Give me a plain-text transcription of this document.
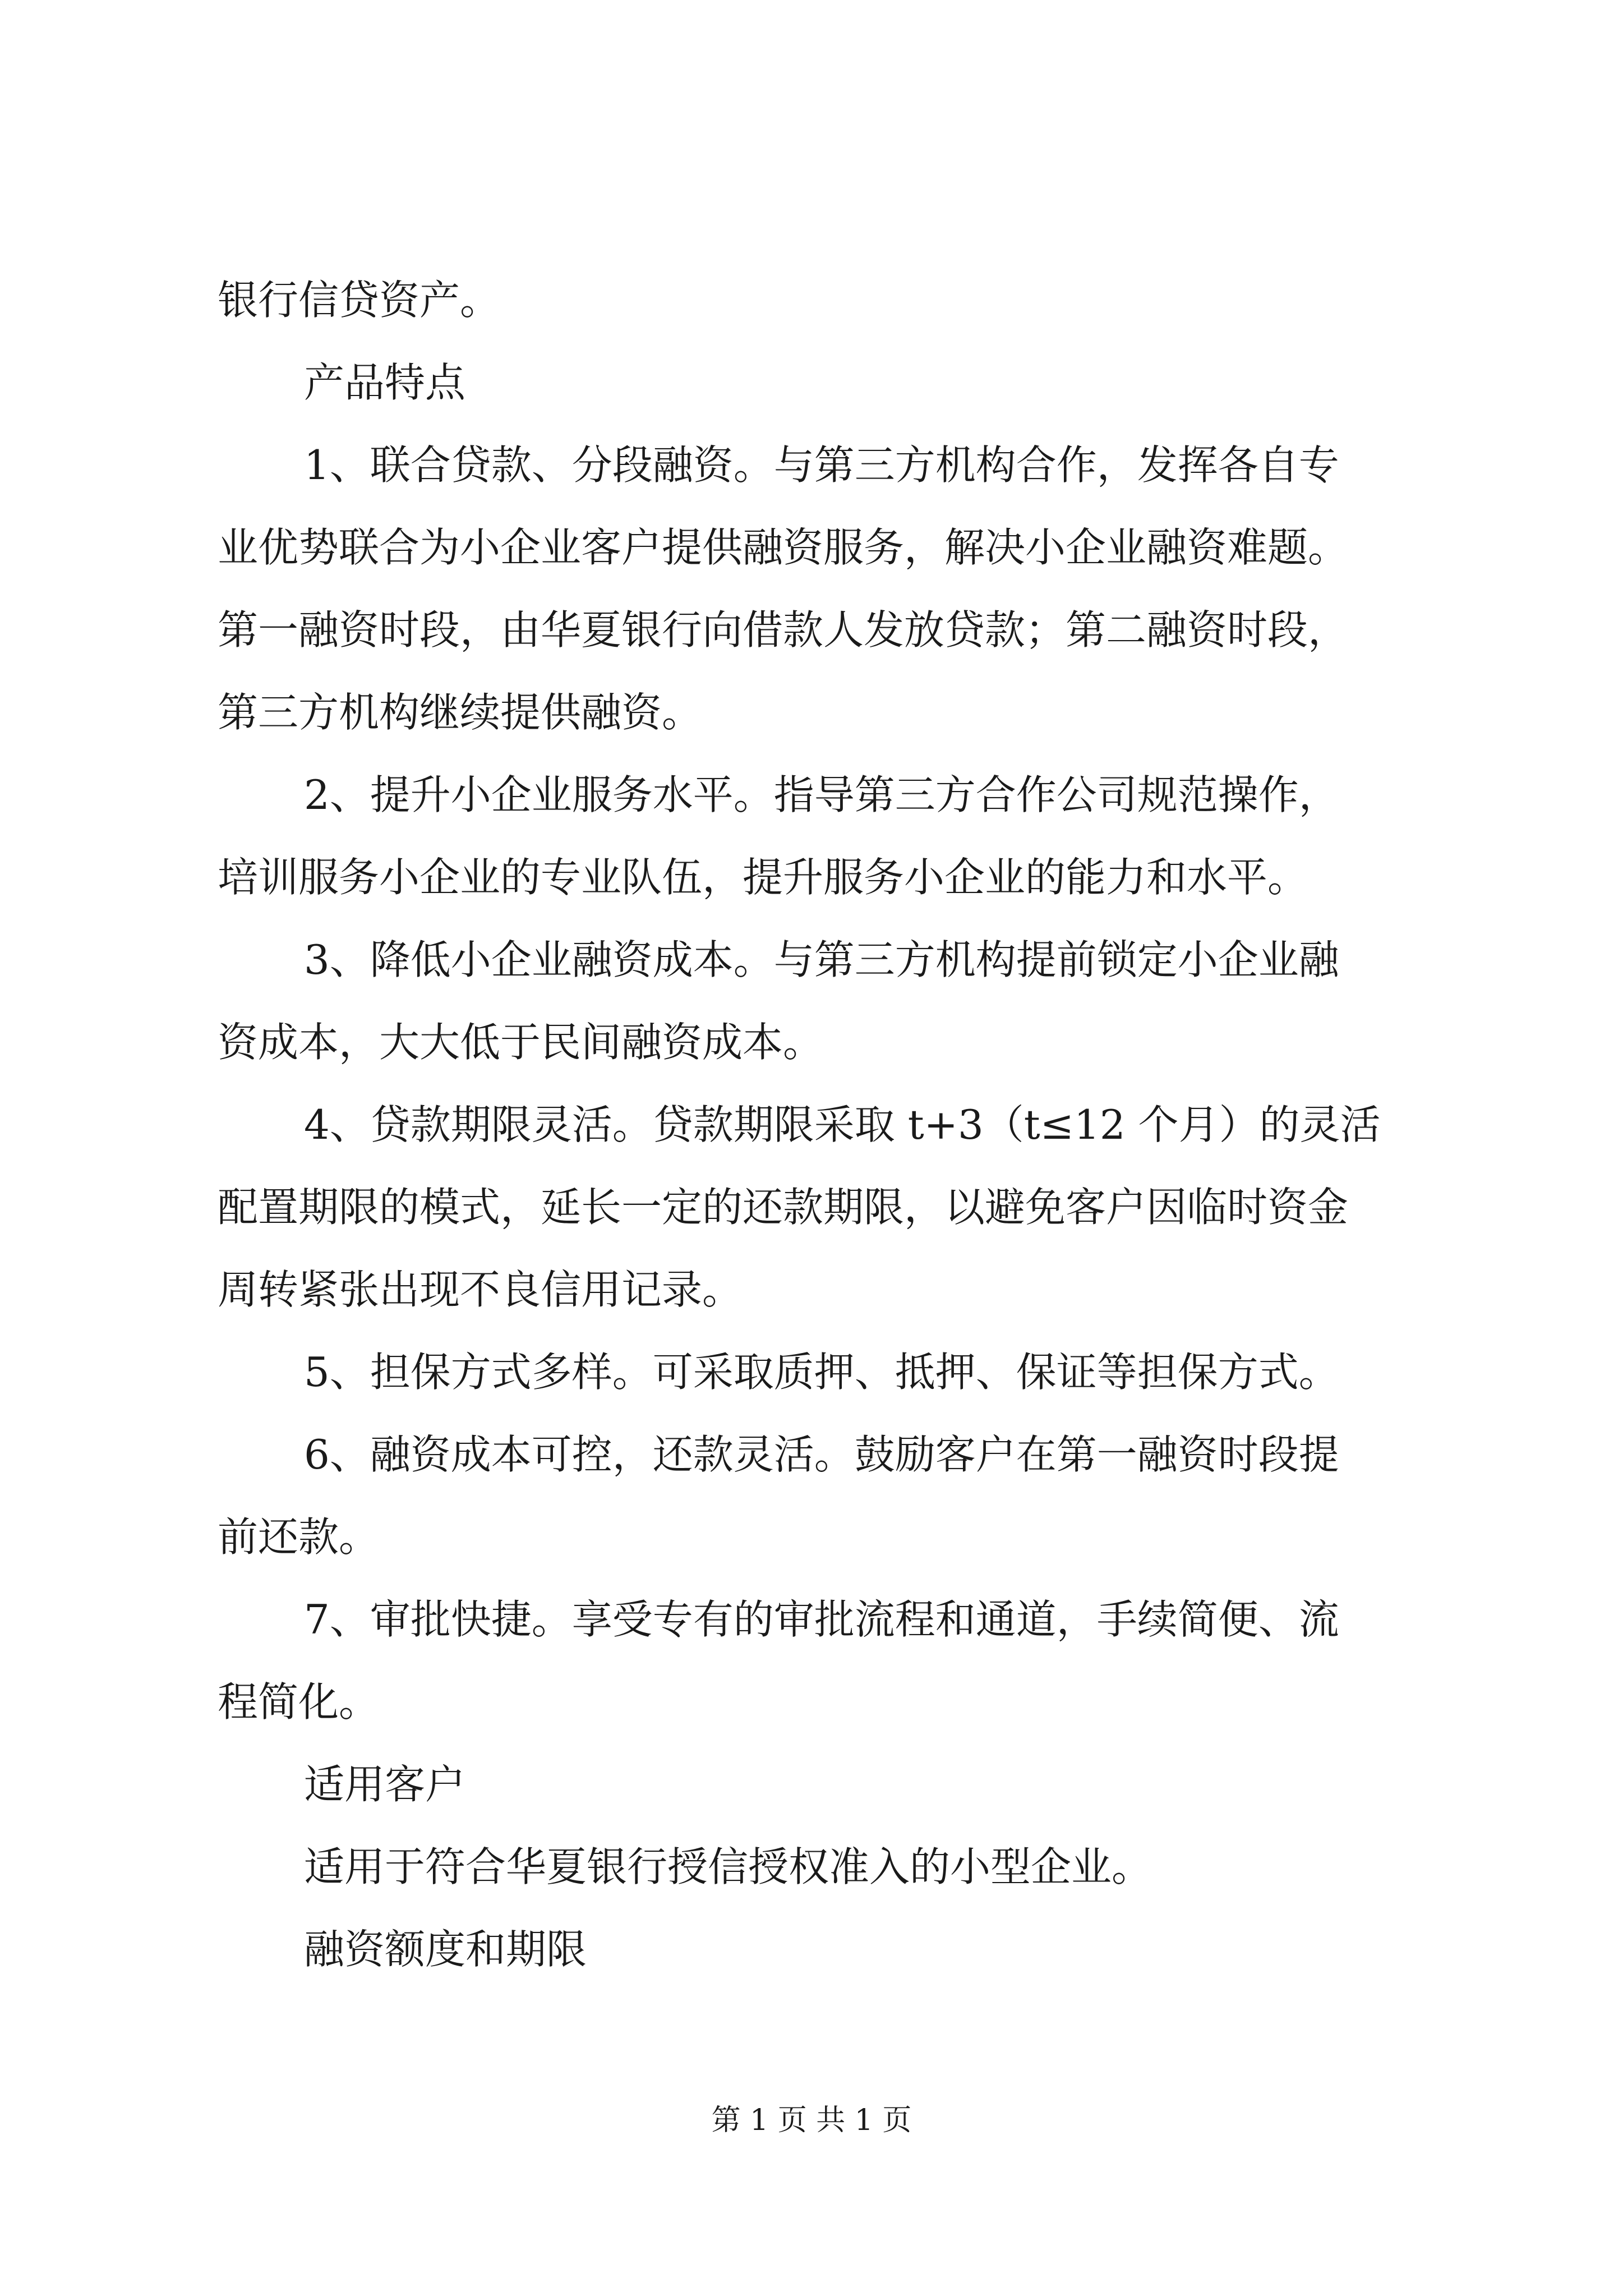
银行信贷资产。
产品特点
1、联合贷款、分段融资。与第三方机构合作，发挥各自专
业优势联合为小企业客户提供融资服务，解决小企业融资难题。
第一融资时段，由华夏银行向借款人发放贷款；第二融资时段，
第三方机构继续提供融资。
2、提升小企业服务水平。指导第三方合作公司规范操作，
培训服务小企业的专业队伍，提升服务小企业的能力和水平。
3、降低小企业融资成本。与第三方机构提前锁定小企业融
资成本，大大低于民间融资成本。
4、贷款期限灵活。贷款期限采取 t+3（t≤12 个月）的灵活
配置期限的模式，延长一定的还款期限，以避免客户因临时资金
周转紧张出现不良信用记录。
5、担保方式多样。可采取质押、抵押、保证等担保方式。
6、融资成本可控，还款灵活。鼓励客户在第一融资时段提
前还款。
7、审批快捷。享受专有的审批流程和通道，手续简便、流
程简化。
适用客户
适用于符合华夏银行授信授权准入的小型企业。
融资额度和期限
第 1 页 共 1 页
